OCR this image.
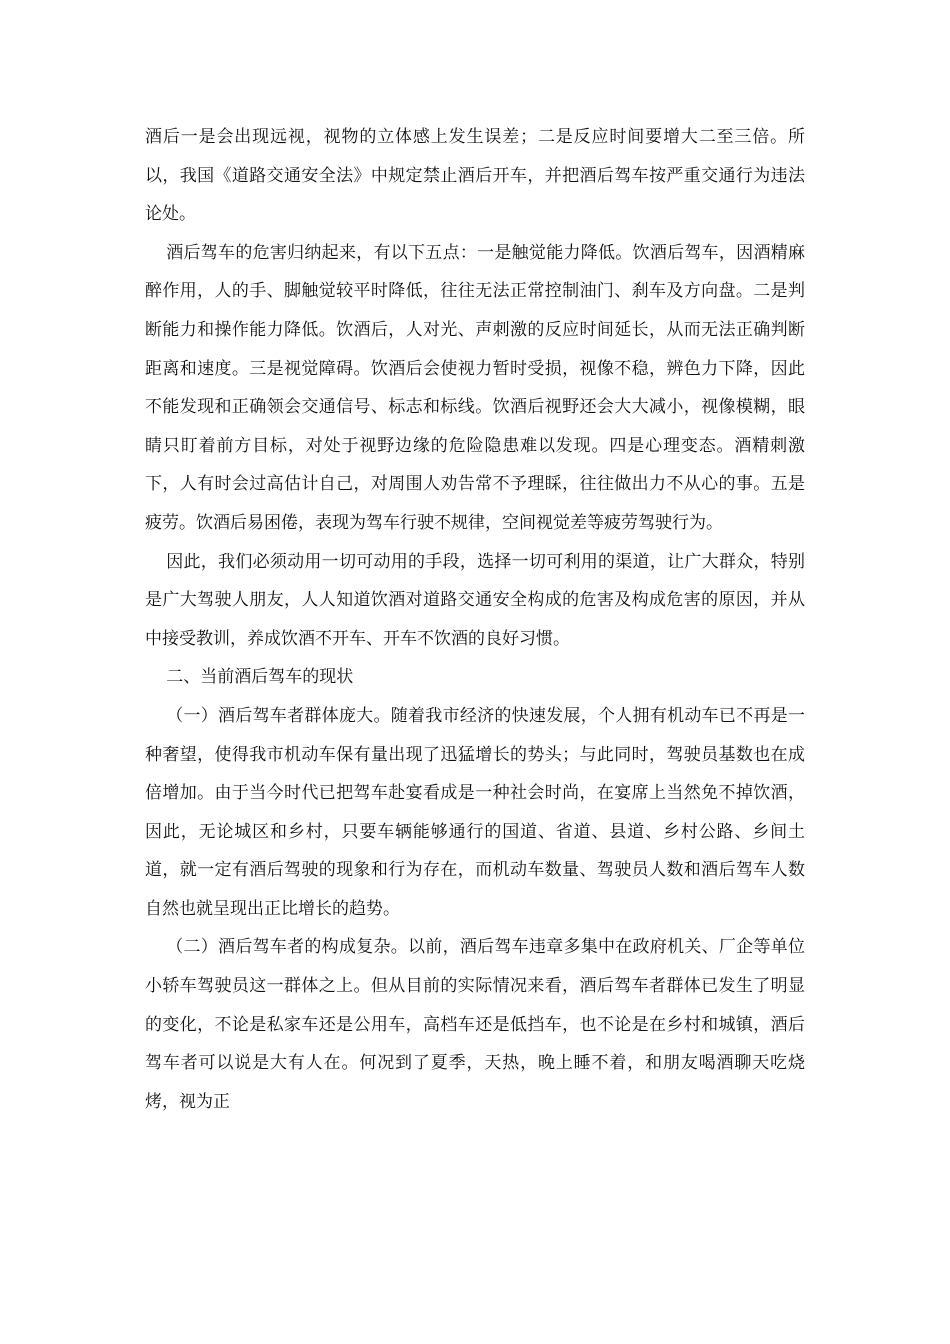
酒后一是会出现远视，视物的立体感上发生误差；二是反应时间要增大二至三倍。所以，我国《道路交通安全法》中规定禁止酒后开车，并把酒后驾车按严重交通行为违法论处。

酒后驾车的危害归纳起来，有以下五点：一是触觉能力降低。饮酒后驾车，因酒精麻醉作用，人的手、脚触觉较平时降低，往往无法正常控制油门、刹车及方向盘。二是判断能力和操作能力降低。饮酒后，人对光、声刺激的反应时间延长，从而无法正确判断距离和速度。三是视觉障碍。饮酒后会使视力暂时受损，视像不稳，辨色力下降，因此不能发现和正确领会交通信号、标志和标线。饮酒后视野还会大大减小，视像模糊，眼睛只盯着前方目标，对处于视野边缘的危险隐患难以发现。四是心理变态。酒精刺激下，人有时会过高估计自己，对周围人劝告常不予理睬，往往做出力不从心的事。五是疲劳。饮酒后易困倦，表现为驾车行驶不规律，空间视觉差等疲劳驾驶行为。

因此，我们必须动用一切可动用的手段，选择一切可利用的渠道，让广大群众，特别是广大驾驶人朋友，人人知道饮酒对道路交通安全构成的危害及构成危害的原因，并从中接受教训，养成饮酒不开车、开车不饮酒的良好习惯。

二、当前酒后驾车的现状

（一）酒后驾车者群体庞大。随着我市经济的快速发展，个人拥有机动车已不再是一种奢望，使得我市机动车保有量出现了迅猛增长的势头；与此同时，驾驶员基数也在成倍增加。由于当今时代已把驾车赴宴看成是一种社会时尚，在宴席上当然免不掉饮酒，因此，无论城区和乡村，只要车辆能够通行的国道、省道、县道、乡村公路、乡间土道，就一定有酒后驾驶的现象和行为存在，而机动车数量、驾驶员人数和酒后驾车人数自然也就呈现出正比增长的趋势。

（二）酒后驾车者的构成复杂。以前，酒后驾车违章多集中在政府机关、厂企等单位小轿车驾驶员这一群体之上。但从目前的实际情况来看，酒后驾车者群体已发生了明显的变化，不论是私家车还是公用车，高档车还是低挡车，也不论是在乡村和城镇，酒后驾车者可以说是大有人在。何况到了夏季，天热，晚上睡不着，和朋友喝酒聊天吃烧烤，视为正
